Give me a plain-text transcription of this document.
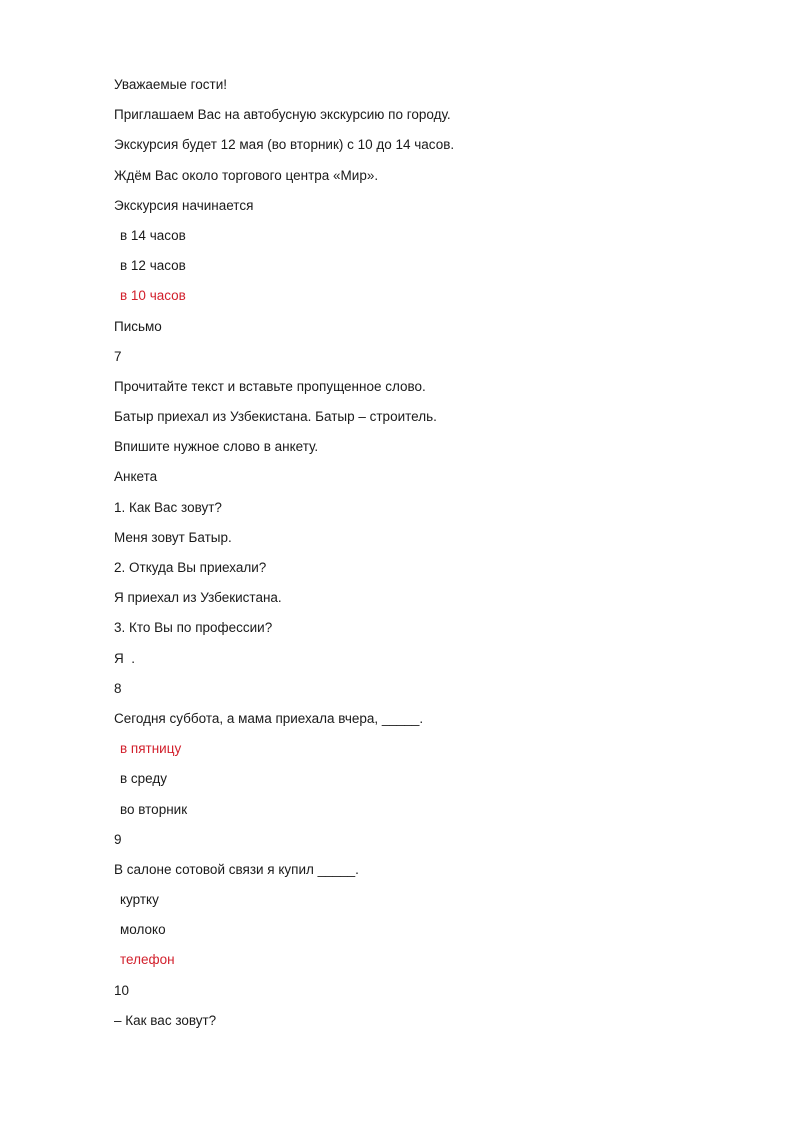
Уважаемые гости!
Приглашаем Вас на автобусную экскурсию по городу.
Экскурсия будет 12 мая (во вторник) с 10 до 14 часов.
Ждём Вас около торгового центра «Мир».
Экскурсия начинается
в 14 часов
в 12 часов
в 10 часов
Письмо
7
Прочитайте текст и вставьте пропущенное слово.
Батыр приехал из Узбекистана. Батыр – строитель.
Впишите нужное слово в анкету.
Анкета
1. Как Вас зовут?
Меня зовут Батыр.
2. Откуда Вы приехали?
Я приехал из Узбекистана.
3. Кто Вы по профессии?
Я  .
8
Сегодня суббота, а мама приехала вчера, _____.
в пятницу
в среду
во вторник
9
В салоне сотовой связи я купил _____.
куртку
молоко
телефон
10
– Как вас зовут?
